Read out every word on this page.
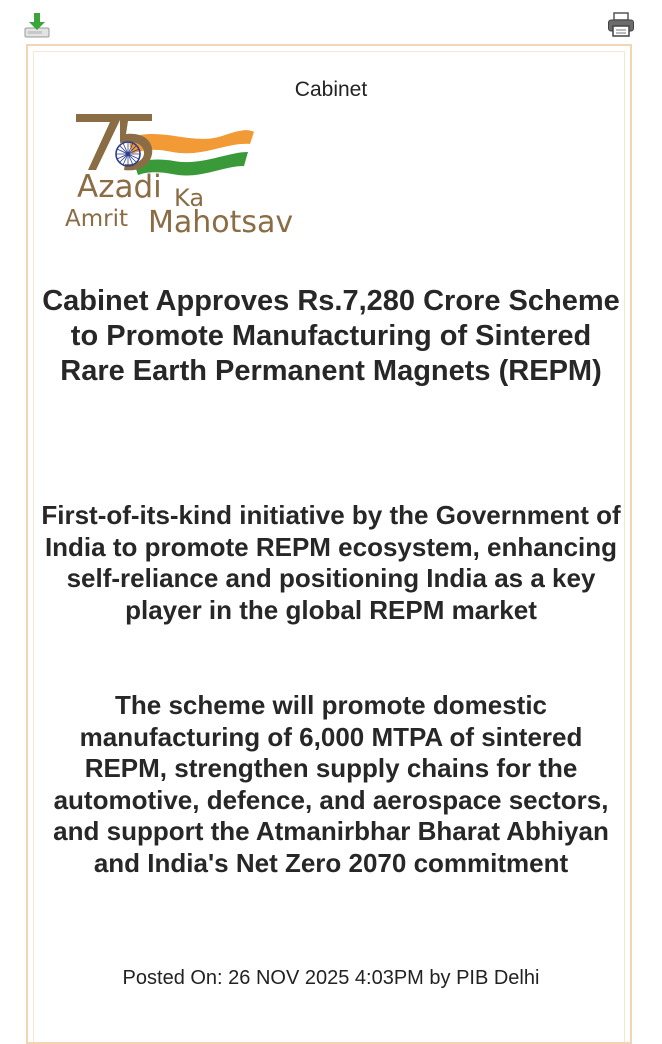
Cabinet
Azadi Ka
Amrit Mahotsav
Cabinet Approves Rs.7,280 Crore Scheme to Promote Manufacturing of Sintered Rare Earth Permanent Magnets (REPM)
First-of-its-kind initiative by the Government of India to promote REPM ecosystem, enhancing self-reliance and positioning India as a key player in the global REPM market
The scheme will promote domestic manufacturing of 6,000 MTPA of sintered REPM, strengthen supply chains for the automotive, defence, and aerospace sectors, and support the Atmanirbhar Bharat Abhiyan and India's Net Zero 2070 commitment
Posted On: 26 NOV 2025 4:03PM by PIB Delhi
